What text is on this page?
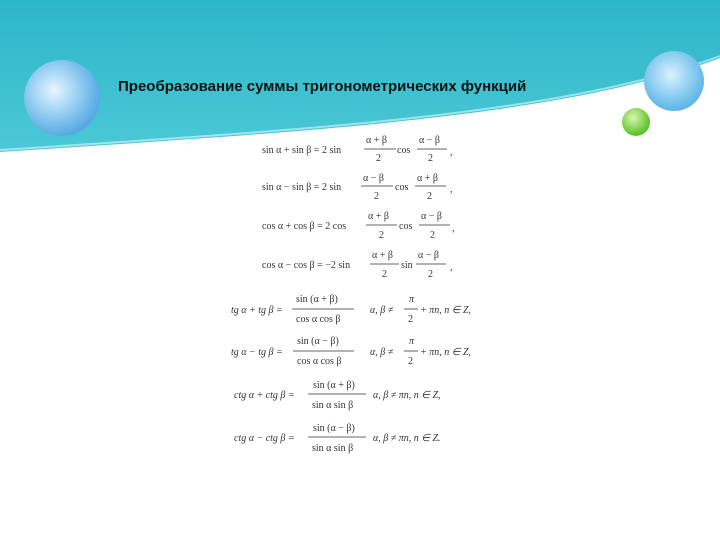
Преобразование суммы тригонометрических функций
sin α + sin β = 2 sin
α + β
2
cos
α − β
2
,
sin α − sin β = 2 sin
α − β
2
cos
α + β
2
,
cos α + cos β = 2 cos
α + β
2
cos
α − β
2
,
cos α − cos β = −2 sin
α + β
2
sin
α − β
2
,
tg α + tg β =
sin (α + β)
cos α cos β
α, β ≠
π
2
+ πn, n ∈ Z,
tg α − tg β =
sin (α − β)
cos α cos β
α, β ≠
π
2
+ πn, n ∈ Z,
ctg α + ctg β =
sin (α + β)
sin α sin β
α, β ≠ πn, n ∈ Z,
ctg α − ctg β =
sin (α − β)
sin α sin β
α, β ≠ πn, n ∈ Z.
